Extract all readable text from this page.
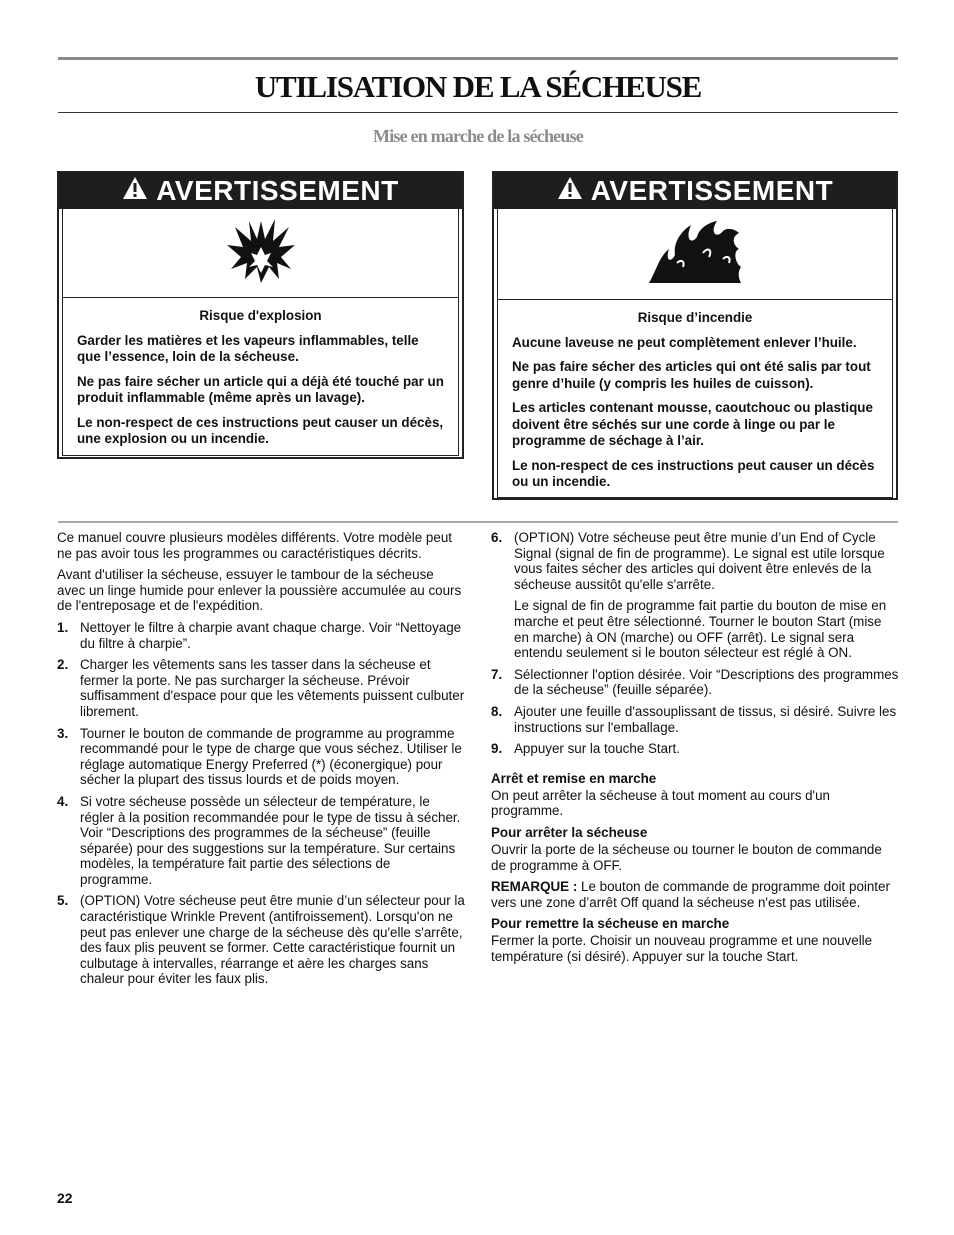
UTILISATION DE LA SÉCHEUSE
Mise en marche de la sécheuse
AVERTISSEMENT

Risque d'explosion

Garder les matières et les vapeurs inflammables, telle que l’essence, loin de la sécheuse.

Ne pas faire sécher un article qui a déjà été touché par un produit inflammable (même après un lavage).

Le non-respect de ces instructions peut causer un décès, une explosion ou un incendie.

AVERTISSEMENT

Risque d’incendie

Aucune laveuse ne peut complètement enlever l’huile.

Ne pas faire sécher des articles qui ont été salis par tout genre d’huile (y compris les huiles de cuisson).

Les articles contenant mousse, caoutchouc ou plastique doivent être séchés sur une corde à linge ou par le programme de séchage à l’air.

Le non-respect de ces instructions peut causer un décès ou un incendie.

Ce manuel couvre plusieurs modèles différents. Votre modèle peut ne pas avoir tous les programmes ou caractéristiques décrits.

Avant d'utiliser la sécheuse, essuyer le tambour de la sécheuse avec un linge humide pour enlever la poussière accumulée au cours de l'entreposage et de l'expédition.

1. Nettoyer le filtre à charpie avant chaque charge. Voir “Nettoyage du filtre à charpie”.
2. Charger les vêtements sans les tasser dans la sécheuse et fermer la porte. Ne pas surcharger la sécheuse. Prévoir suffisamment d'espace pour que les vêtements puissent culbuter librement.
3. Tourner le bouton de commande de programme au programme recommandé pour le type de charge que vous séchez. Utiliser le réglage automatique Energy Preferred (*) (éconergique) pour sécher la plupart des tissus lourds et de poids moyen.
4. Si votre sécheuse possède un sélecteur de température, le régler à la position recommandée pour le type de tissu à sécher. Voir “Descriptions des programmes de la sécheuse” (feuille séparée) pour des suggestions sur la température. Sur certains modèles, la température fait partie des sélections de programme.
5. (OPTION) Votre sécheuse peut être munie d’un sélecteur pour la caractéristique Wrinkle Prevent (antifroissement). Lorsqu'on ne peut pas enlever une charge de la sécheuse dès qu'elle s'arrête, des faux plis peuvent se former. Cette caractéristique fournit un culbutage à intervalles, réarrange et aère les charges sans chaleur pour éviter les faux plis.
6. (OPTION) Votre sécheuse peut être munie d’un End of Cycle Signal (signal de fin de programme). Le signal est utile lorsque vous faites sécher des articles qui doivent être enlevés de la sécheuse aussitôt qu'elle s'arrête.

Le signal de fin de programme fait partie du bouton de mise en marche et peut être sélectionné. Tourner le bouton Start (mise en marche) à ON (marche) ou OFF (arrêt). Le signal sera entendu seulement si le bouton sélecteur est réglé à ON.

7. Sélectionner l'option désirée. Voir “Descriptions des programmes de la sécheuse” (feuille séparée).
8. Ajouter une feuille d'assouplissant de tissus, si désiré. Suivre les instructions sur l'emballage.
9. Appuyer sur la touche Start.
Arrêt et remise en marche

On peut arrêter la sécheuse à tout moment au cours d'un programme.

Pour arrêter la sécheuse

Ouvrir la porte de la sécheuse ou tourner le bouton de commande de programme à OFF.

REMARQUE : Le bouton de commande de programme doit pointer vers une zone d’arrêt Off quand la sécheuse n'est pas utilisée.

Pour remettre la sécheuse en marche

Fermer la porte. Choisir un nouveau programme et une nouvelle température (si désiré). Appuyer sur la touche Start.

22
